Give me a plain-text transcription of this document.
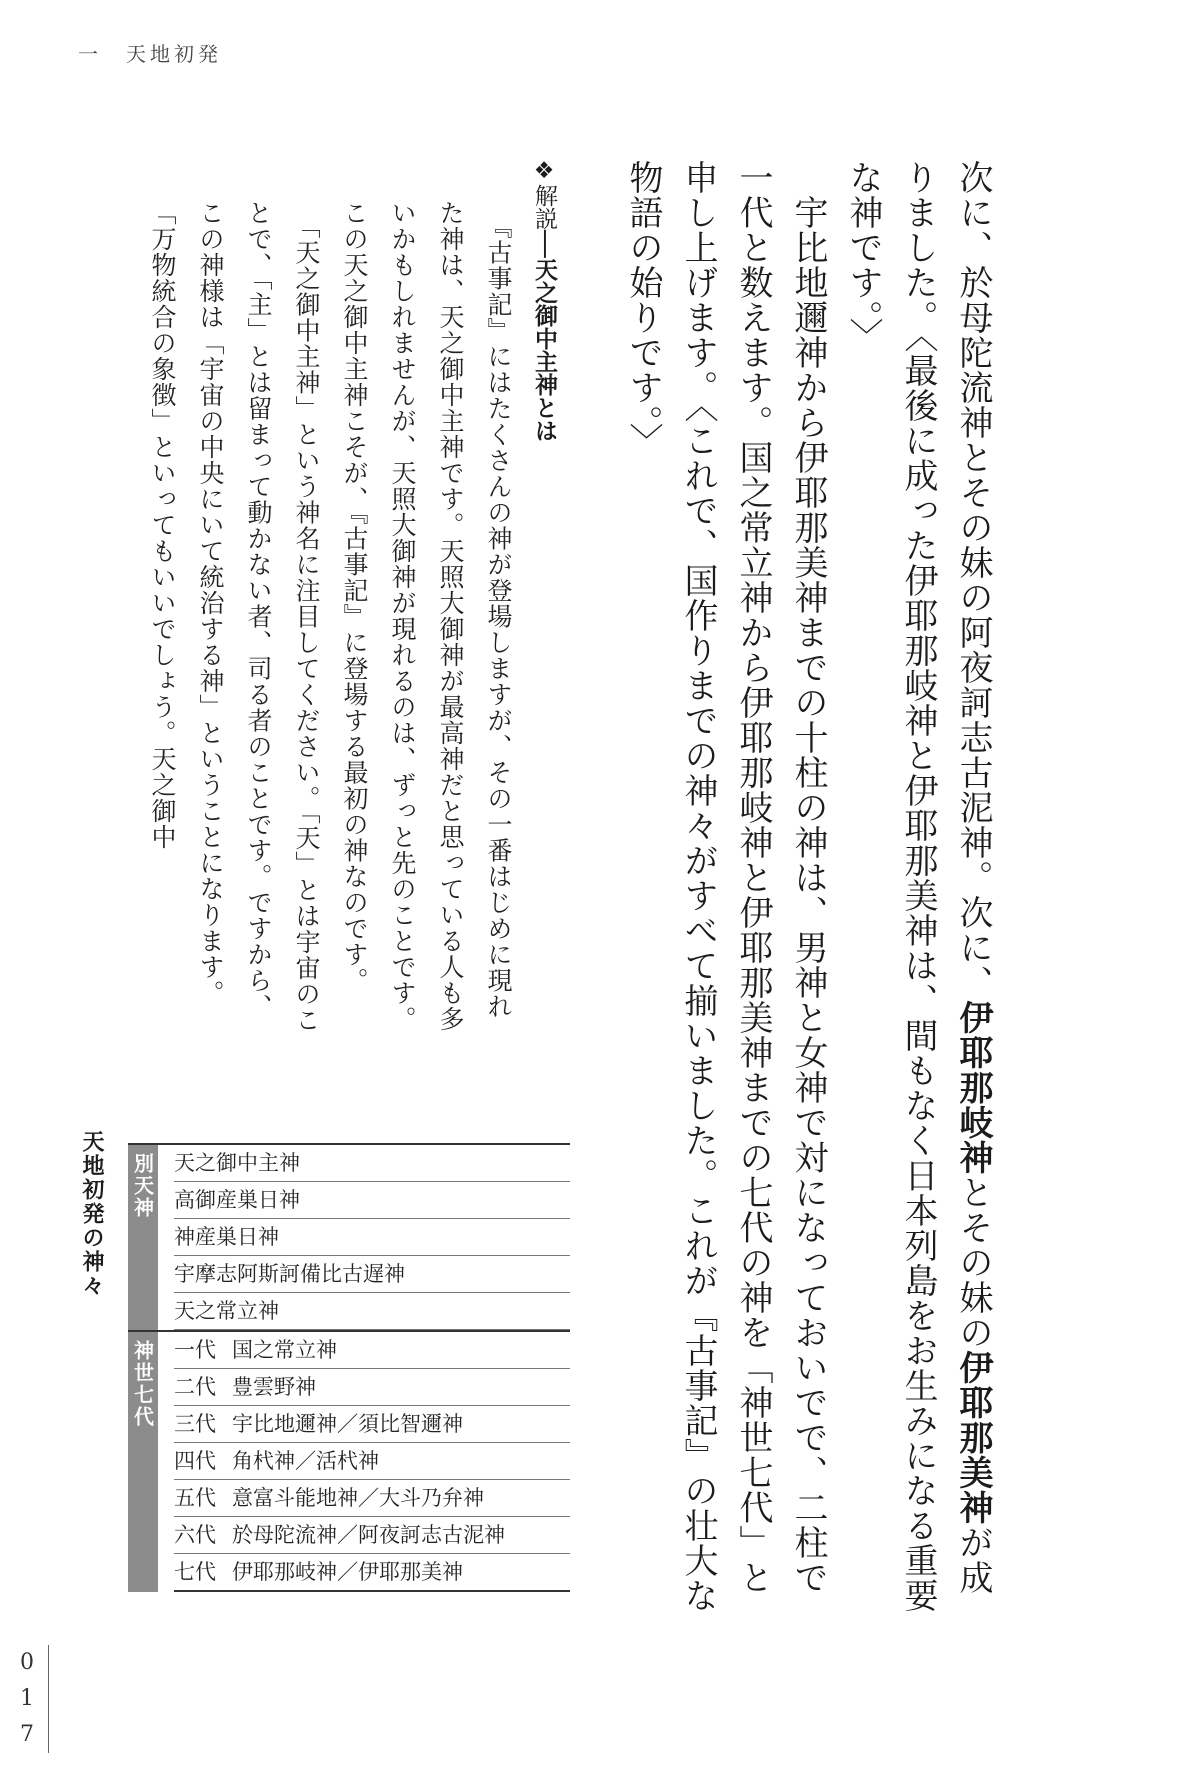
一　天地初発
次に、於母陀流神とその妹の阿夜訶志古泥神。次に、伊耶那岐神とその妹の伊耶那美神が成りました。〈最後に成った伊耶那岐神と伊耶那美神は、間もなく日本列島をお生みになる重要な神です。〉
　宇比地邇神から伊耶那美神までの十柱の神は、男神と女神で対になっておいでで、二柱で一代と数えます。国之常立神から伊耶那岐神と伊耶那美神までの七代の神を「神世七代」と申し上げます。〈これで、国作りまでの神々がすべて揃いました。これが『古事記』の壮大な物語の始りです。〉
❖解説──天之御中主神とは
　『古事記』にはたくさんの神が登場しますが、その一番はじめに現れた神は、天之御中主神です。天照大御神が最高神だと思っている人も多いかもしれませんが、天照大御神が現れるのは、ずっと先のことです。この天之御中主神こそが、『古事記』に登場する最初の神なのです。
　「天之御中主神」という神名に注目してください。「天」とは宇宙のことで、「主」とは留まって動かない者、司る者のことです。ですから、この神様は「宇宙の中央にいて統治する神」ということになります。「万物統合の象徴」といってもいいでしょう。天之御中
天地初発の神々 別天神 天之御中主神
高御産巣日神
神産巣日神
宇摩志阿斯訶備比古遅神
天之常立神
神世七代 一代 国之常立神
二代 豊雲野神
三代 宇比地邇神／須比智邇神
四代 角杙神／活杙神
五代 意富斗能地神／大斗乃弁神
六代 於母陀流神／阿夜訶志古泥神
七代 伊耶那岐神／伊耶那美神
0
1
7
